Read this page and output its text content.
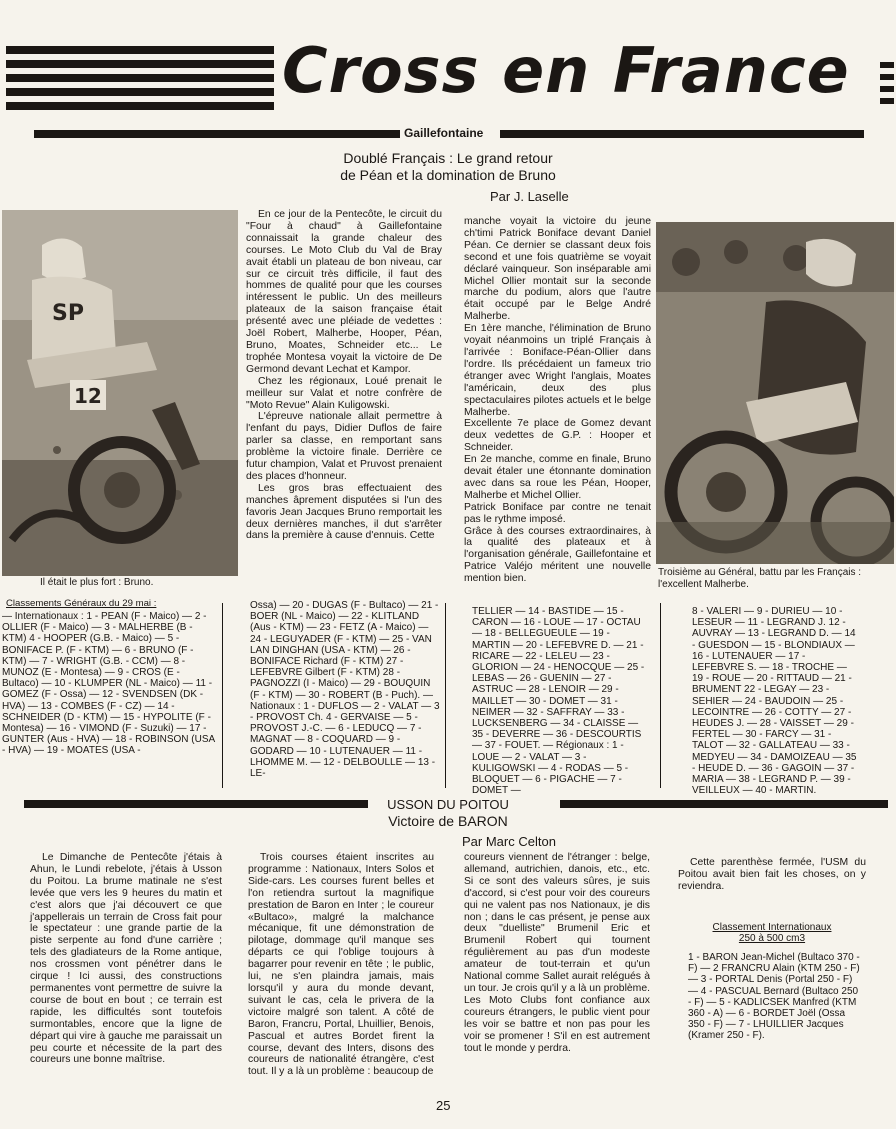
Cross en France
Gaillefontaine
Doublé Français : Le grand retour
de Péan et la domination de Bruno
Par J. Laselle
SP
12
Il était le plus fort : Bruno.

En ce jour de la Pentecôte, le circuit du "Four à chaud" à Gaillefontaine connaissait la grande chaleur des courses. Le Moto Club du Val de Bray avait établi un plateau de bon niveau, car sur ce circuit très difficile, il faut des hommes de qualité pour que les courses intéressent le public. Un des meilleurs plateaux de la saison française était présenté avec une pléiade de vedettes : Joël Robert, Malherbe, Hooper, Péan, Bruno, Moates, Schneider etc... Le trophée Montesa voyait la victoire de De Germond devant Lechat et Kampor.

Chez les régionaux, Loué prenait le meilleur sur Valat et notre confrère de "Moto Revue" Alain Kuligowski.

L'épreuve nationale allait permettre à l'enfant du pays, Didier Duflos de faire parler sa classe, en remportant sans problème la victoire finale. Derrière ce futur champion, Valat et Pruvost prenaient des places d'honneur.

Les gros bras effectuaient des manches âprement disputées si l'un des favoris Jean Jacques Bruno remportait les deux dernières manches, il dut s'arrêter dans la première à cause d'ennuis. Cette

manche voyait la victoire du jeune ch'timi Patrick Boniface devant Daniel Péan. Ce dernier se classant deux fois second et une fois quatrième se voyait déclaré vainqueur. Son inséparable ami Michel Ollier montait sur la seconde marche du podium, alors que l'autre était occupé par le Belge André Malherbe.

En 1ère manche, l'élimination de Bruno voyait néanmoins un triplé Français à l'arrivée : Boniface-Péan-Ollier dans l'ordre. Ils précédaient un fameux trio étranger avec Wright l'anglais, Moates l'américain, deux des plus spectaculaires pilotes actuels et le belge Malherbe.

Excellente 7e place de Gomez devant deux vedettes de G.P. : Hooper et Schneider.

En 2e manche, comme en finale, Bruno devait étaler une étonnante domination avec dans sa roue les Péan, Hooper, Malherbe et Michel Ollier.

Patrick Boniface par contre ne tenait pas le rythme imposé.

Grâce à des courses extraordinaires, à la qualité des plateaux et à l'organisation générale, Gaillefontaine et Patrice Valéjo méritent une nouvelle mention bien.

Troisième au Général, battu par les Français : l'excellent Malherbe.
Classements Généraux du 29 mai :
— Internationaux : 1 - PEAN (F - Maico) — 2 - OLLIER (F - Maico) — 3 - MALHERBE (B - KTM) 4 - HOOPER (G.B. - Maico) — 5 - BONIFACE P. (F - KTM) — 6 - BRUNO (F - KTM) — 7 - WRIGHT (G.B. - CCM) — 8 - MUNOZ (E - Montesa) — 9 - CROS (E - Bultaco) — 10 - KLUMPER (NL - Maico) — 11 - GOMEZ (F - Ossa) — 12 - SVENDSEN (DK - HVA) — 13 - COMBES (F - CZ) — 14 - SCHNEIDER (D - KTM) — 15 - HYPOLITE (F - Montesa) — 16 - VIMOND (F - Suzuki) — 17 - GUNTER (Aus - HVA) — 18 - ROBINSON (USA - HVA) — 19 - MOATES (USA -
Ossa) — 20 - DUGAS (F - Bultaco) — 21 - BOER (NL - Maico) — 22 - KLITLAND (Aus - KTM) — 23 - FETZ (A - Maico) — 24 - LEGUYADER (F - KTM) — 25 - VAN LAN DINGHAN (USA - KTM) — 26 - BONIFACE Richard (F - KTM) 27 - LEFEBVRE Gilbert (F - KTM) 28 - PAGNOZZI (I - Maico) — 29 - BOUQUIN (F - KTM) — 30 - ROBERT (B - Puch). — Nationaux : 1 - DUFLOS — 2 - VALAT — 3 - PROVOST Ch. 4 - GERVAISE — 5 - PROVOST J.-C. — 6 - LEDUCQ — 7 - MAGNAT — 8 - COQUARD — 9 - GODARD — 10 - LUTENAUER — 11 - LHOMME M. — 12 - DELBOULLE — 13 - LE-
TELLIER — 14 - BASTIDE — 15 - CARON — 16 - LOUE — 17 - OCTAU — 18 - BELLEGUEULE — 19 - MARTIN — 20 - LEFEBVRE D. — 21 - RICARE — 22 - LELEU — 23 - GLORION — 24 - HENOCQUE — 25 - LEBAS — 26 - GUENIN — 27 - ASTRUC — 28 - LENOIR — 29 - MAILLET — 30 - DOMET — 31 - NEIMER — 32 - SAFFRAY — 33 - LUCKSENBERG — 34 - CLAISSE — 35 - DEVERRE — 36 - DESCOURTIS — 37 - FOUET. — Régionaux : 1 - LOUE — 2 - VALAT — 3 - KULIGOWSKI — 4 - RODAS — 5 - BLOQUET — 6 - PIGACHE — 7 - DOMET —
8 - VALERI — 9 - DURIEU — 10 - LESEUR — 11 - LEGRAND J. 12 - AUVRAY — 13 - LEGRAND D. — 14 - GUESDON — 15 - BLONDIAUX — 16 - LUTENAUER — 17 - LEFEBVRE S. — 18 - TROCHE — 19 - ROUE — 20 - RITTAUD — 21 - BRUMENT 22 - LEGAY — 23 - SEHIER — 24 - BAUDOIN — 25 - LECOINTRE — 26 - COTTY — 27 - HEUDES J. — 28 - VAISSET — 29 - FERTEL — 30 - FARCY — 31 - TALOT — 32 - GALLATEAU — 33 - MEDYEU — 34 - DAMOIZEAU — 35 - HEUDE D. — 36 - GAGOIN — 37 - MARIA — 38 - LEGRAND P. — 39 - VEILLEUX — 40 - MARTIN.
USSON DU POITOU
Victoire de BARON
Par Marc Celton

Le Dimanche de Pentecôte j'étais à Ahun, le Lundi rebelote, j'étais à Usson du Poitou. La brume matinale ne s'est levée que vers les 9 heures du matin et c'est alors que j'ai découvert ce que j'appellerais un terrain de Cross fait pour le spectateur : une grande partie de la piste serpente au fond d'une carrière ; tels des gladiateurs de la Rome antique, nos crossmen vont pénétrer dans le cirque ! Ici aussi, des constructions permanentes vont permettre de suivre la course de bout en bout ; ce terrain est rapide, les difficultés sont toutefois surmontables, encore que la ligne de départ qui vire à gauche me paraissait un peu courte et nécessite de la part des coureurs une bonne maîtrise.

Trois courses étaient inscrites au programme : Nationaux, Inters Solos et Side-cars. Les courses furent belles et l'on retiendra surtout la magnifique prestation de Baron en Inter ; le coureur «Bultaco», malgré la malchance mécanique, fit une démonstration de pilotage, dommage qu'il manque ses départs ce qui l'oblige toujours à bagarrer pour revenir en tête ; le public, lui, ne s'en plaindra jamais, mais lorsqu'il y aura du monde devant, suivant le cas, cela le privera de la victoire malgré son talent. A côté de Baron, Francru, Portal, Lhuillier, Benois, Pascual et autres Bordet firent la course, devant des Inters, disons des coureurs de nationalité étrangère, c'est tout. Il y a là un problème : beaucoup de

coureurs viennent de l'étranger : belge, allemand, autrichien, danois, etc., etc. Si ce sont des valeurs sûres, je suis d'accord, si c'est pour voir des coureurs qui ne valent pas nos Nationaux, je dis non ; dans le cas présent, je pense aux deux "duelliste" Brumenil Eric et Brumenil Robert qui tournent régulièrement au pas d'un modeste amateur de tout-terrain et qu'un National comme Sallet aurait relégués à un tour. Je crois qu'il y a là un problème. Les Moto Clubs font confiance aux coureurs étrangers, le public vient pour les voir se battre et non pas pour les voir se promener ! S'il en est autrement tout le monde y perdra.

Cette parenthèse fermée, l'USM du Poitou avait bien fait les choses, on y reviendra.

Classement Internationaux
250 à 500 cm3
1 - BARON Jean-Michel (Bultaco 370 - F) — 2 FRANCRU Alain (KTM 250 - F) — 3 - PORTAL Denis (Portal 250 - F) — 4 - PASCUAL Bernard (Bultaco 250 - F) — 5 - KADLICSEK Manfred (KTM 360 - A) — 6 - BORDET Joël (Ossa 350 - F) — 7 - LHUILLIER Jacques (Kramer 250 - F).
25
